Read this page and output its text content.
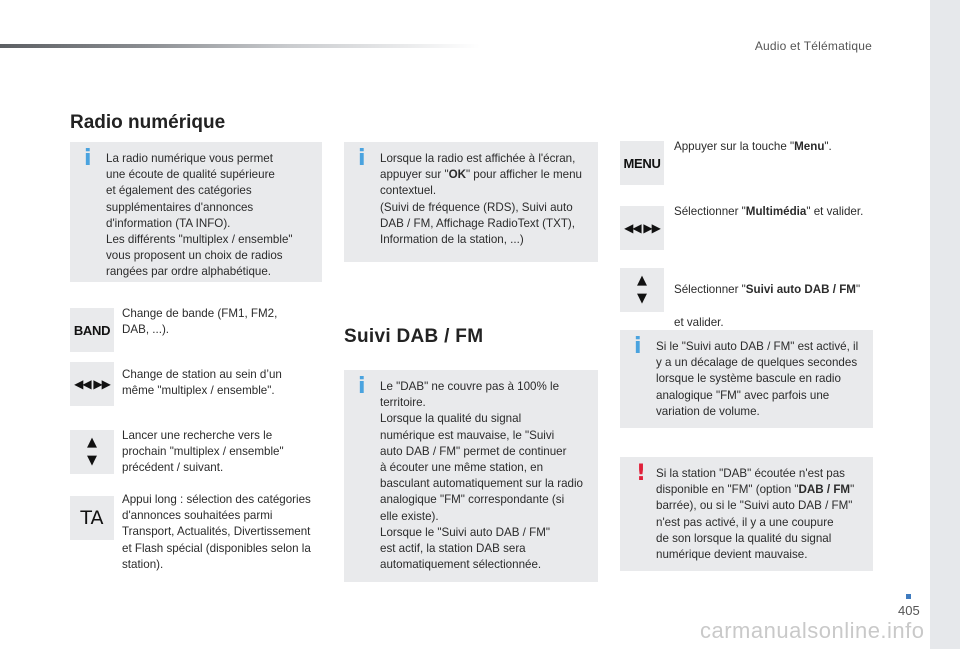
Audio et Télématique
Radio numérique
i La radio numérique vous permet
une écoute de qualité supérieure
et également des catégories
supplémentaires d'annonces
d'information (TA INFO).
Les différents "multiplex / ensemble"
vous proposent un choix de radios
rangées par ordre alphabétique.
BAND
Change de bande (FM1, FM2,
DAB, ...).
◀◀ ▶▶
Change de station au sein d’un
même "multiplex / ensemble".
▲
▼
Lancer une recherche vers le
prochain "multiplex / ensemble"
précédent / suivant.
TA
Appui long : sélection des catégories
d'annonces souhaitées parmi
Transport, Actualités, Divertissement
et Flash spécial (disponibles selon la
station).
i Lorsque la radio est affichée à l'écran,
appuyer sur "OK" pour afficher le menu
contextuel.
(Suivi de fréquence (RDS), Suivi auto
DAB / FM, Affichage RadioText (TXT),
Information de la station, ...)
Suivi DAB / FM
i Le "DAB" ne couvre pas à 100% le
territoire.
Lorsque la qualité du signal
numérique est mauvaise, le "Suivi
auto DAB / FM" permet de continuer
à écouter une même station, en
basculant automatiquement sur la radio
analogique "FM" correspondante (si
elle existe).
Lorsque le "Suivi auto DAB / FM"
est actif, la station DAB sera
automatiquement sélectionnée.
MENU
Appuyer sur la touche "Menu".
◀◀ ▶▶
Sélectionner "Multimédia" et valider.
▲
▼

Sélectionner "Suivi auto DAB / FM"

et valider.

i Si le "Suivi auto DAB / FM" est activé, il
y a un décalage de quelques secondes
lorsque le système bascule en radio
analogique "FM" avec parfois une
variation de volume.
! Si la station "DAB" écoutée n'est pas
disponible en "FM" (option "DAB / FM"
barrée), ou si le "Suivi auto DAB / FM"
n'est pas activé, il y a une coupure
de son lorsque la qualité du signal
numérique devient mauvaise.
405
carmanualsonline.info
